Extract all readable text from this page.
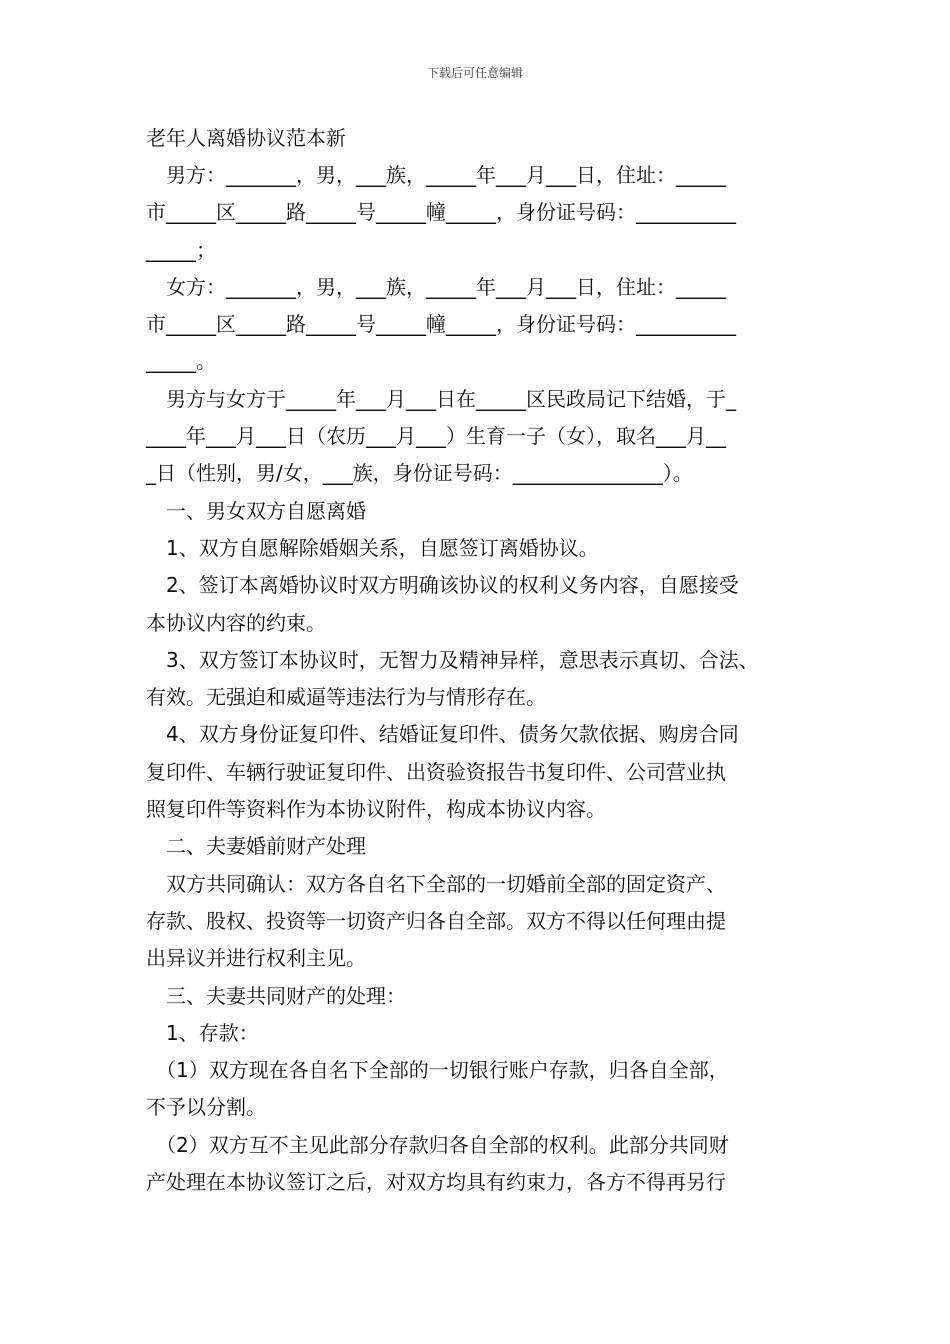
下载后可任意编辑
老年人离婚协议范本新
　男方：_______，男，___族，_____年___月___日，住址：_____
市_____区_____路_____号_____幢_____，身份证号码：__________
_____；
　女方：_______，男，___族，_____年___月___日，住址：_____
市_____区_____路_____号_____幢_____，身份证号码：__________
_____。
　男方与女方于_____年___月___日在_____区民政局记下结婚，于_
____年___月___日（农历___月___）生育一子（女），取名___月__
_日（性别，男/女，___族，身份证号码：_______________）。
　一、男女双方自愿离婚
　1、双方自愿解除婚姻关系，自愿签订离婚协议。
　2、签订本离婚协议时双方明确该协议的权利义务内容，自愿接受
本协议内容的约束。
　3、双方签订本协议时，无智力及精神异样，意思表示真切、合法、
有效。无强迫和威逼等违法行为与情形存在。
　4、双方身份证复印件、结婚证复印件、债务欠款依据、购房合同
复印件、车辆行驶证复印件、出资验资报告书复印件、公司营业执
照复印件等资料作为本协议附件，构成本协议内容。
　二、夫妻婚前财产处理
　双方共同确认：双方各自名下全部的一切婚前全部的固定资产、
存款、股权、投资等一切资产归各自全部。双方不得以任何理由提
出异议并进行权利主见。
　三、夫妻共同财产的处理：
　1、存款：
　（1）双方现在各自名下全部的一切银行账户存款，归各自全部，
不予以分割。
　（2）双方互不主见此部分存款归各自全部的权利。此部分共同财
产处理在本协议签订之后，对双方均具有约束力，各方不得再另行
